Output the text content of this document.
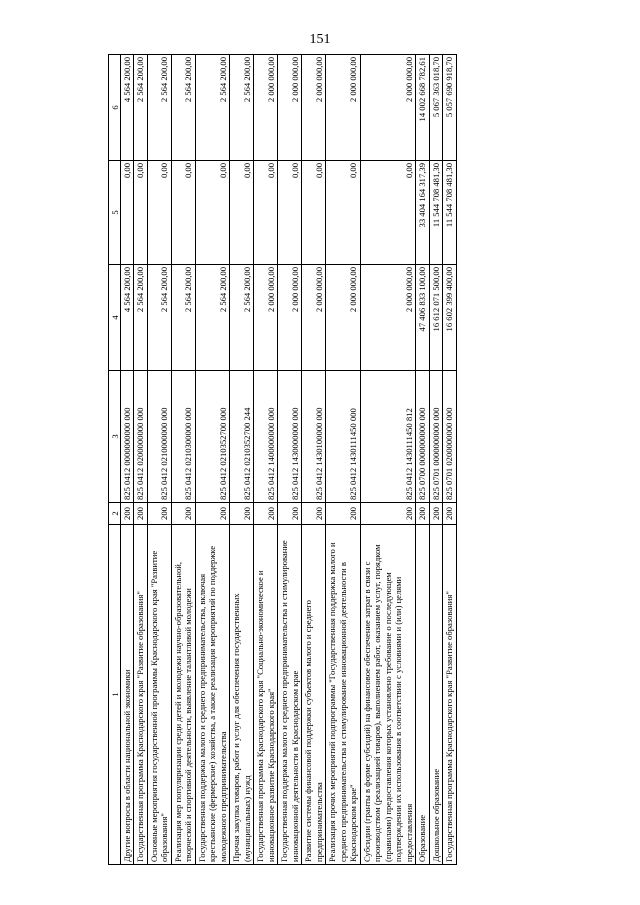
151
1	2	3	4	5	6
Другие вопросы в области национальной экономики	200	825 0412 0000000000 000	4 564 200,00	0,00	4 564 200,00
Государственная программа Краснодарского края "Развитие образования"	200	825 0412 0200000000 000	2 564 200,00	0,00	2 564 200,00
Основные мероприятия государственной программы Краснодарского края "Развитие образования"	200	825 0412 0210000000 000	2 564 200,00	0,00	2 564 200,00
Реализация мер популяризации среди детей и молодежи научно-образовательной, творческой и спортивной деятельности, выявление талантливой молодежи	200	825 0412 0210300000 000	2 564 200,00	0,00	2 564 200,00
Государственная поддержка малого и среднего предпринимательства, включая крестьянские (фермерские) хозяйства, а также реализация мероприятий по поддержке молодежного предпринимательства	200	825 0412 0210352700 000	2 564 200,00	0,00	2 564 200,00
Прочая закупка товаров, работ и услуг для обеспечения государственных (муниципальных) нужд	200	825 0412 0210352700 244	2 564 200,00	0,00	2 564 200,00
Государственная программа Краснодарского края "Социально-экономическое и инновационное развитие Краснодарского края"	200	825 0412 1400000000 000	2 000 000,00	0,00	2 000 000,00
Государственная поддержка малого и среднего предпринимательства и стимулирование инновационной деятельности в Краснодарском крае	200	825 0412 1430000000 000	2 000 000,00	0,00	2 000 000,00
Развитие системы финансовой поддержки субъектов малого и среднего предпринимательства	200	825 0412 1430100000 000	2 000 000,00	0,00	2 000 000,00
Реализация прочих мероприятий подпрограммы "Государственная поддержка малого и среднего предпринимательства и стимулирование инновационной деятельности в Краснодарском крае"	200	825 0412 1430111450 000	2 000 000,00	0,00	2 000 000,00
Субсидии (гранты в форме субсидий) на финансовое обеспечение затрат в связи с производством (реализацией товаров), выполнением работ, оказанием услуг, порядком (правилами) предоставления которых установлено требование о последующем подтверждении их использования в соответствии с условиями и (или) целями предоставления	200	825 0412 1430111450 812	2 000 000,00	0,00	2 000 000,00
Образование	200	825 0700 0000000000 000	47 406 833 100,00	33 404 164 317,39	14 002 668 782,61
Дошкольное образование	200	825 0701 0000000000 000	16 612 071 500,00	11 544 708 481,30	5 067 363 018,70
Государственная программа Краснодарского края "Развитие образования"	200	825 0701 0200000000 000	16 602 399 400,00	11 544 708 481,30	5 057 690 918,70
